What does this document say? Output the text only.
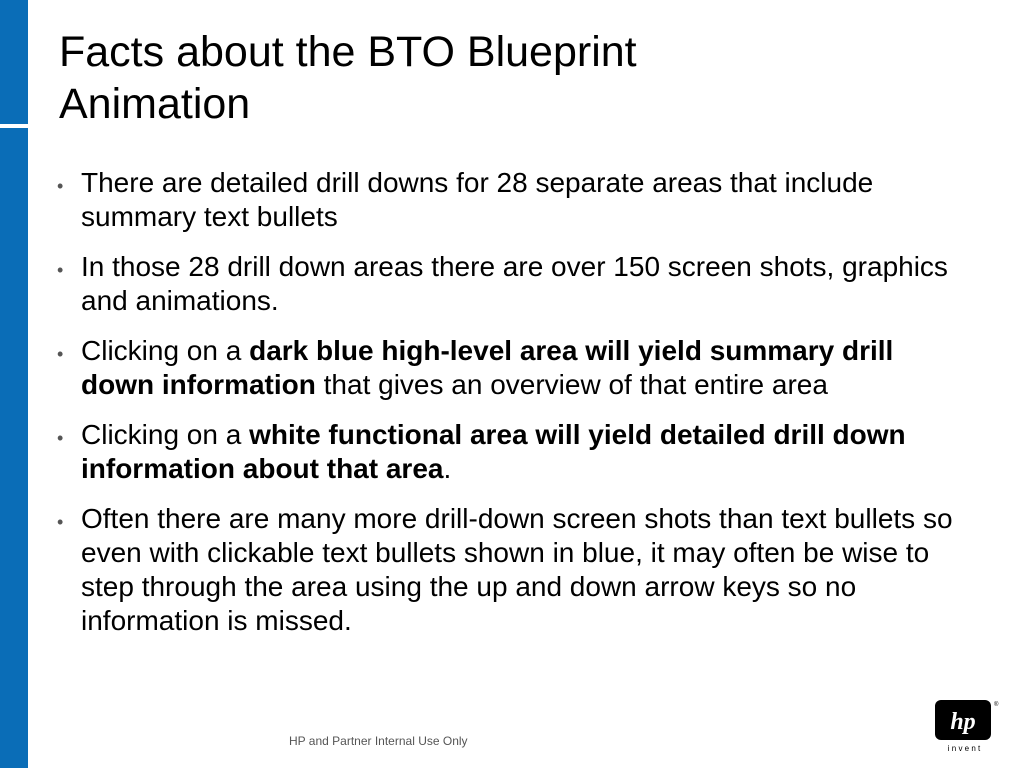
Facts about the BTO Blueprint
Animation
• There are detailed drill downs for 28 separate areas that include summary text bullets
• In those 28 drill down areas there are over 150 screen shots, graphics and animations.
• Clicking on a dark blue high-level area will yield summary drill down information that gives an overview of that entire area
• Clicking on a white functional area will yield detailed drill down information about that area.
• Often there are many more drill-down screen shots than text bullets so even with clickable text bullets shown in blue, it may often be wise to step through the area using the up and down arrow keys so no information is missed.
HP and Partner Internal Use Only
hp
®
i n v e n t
